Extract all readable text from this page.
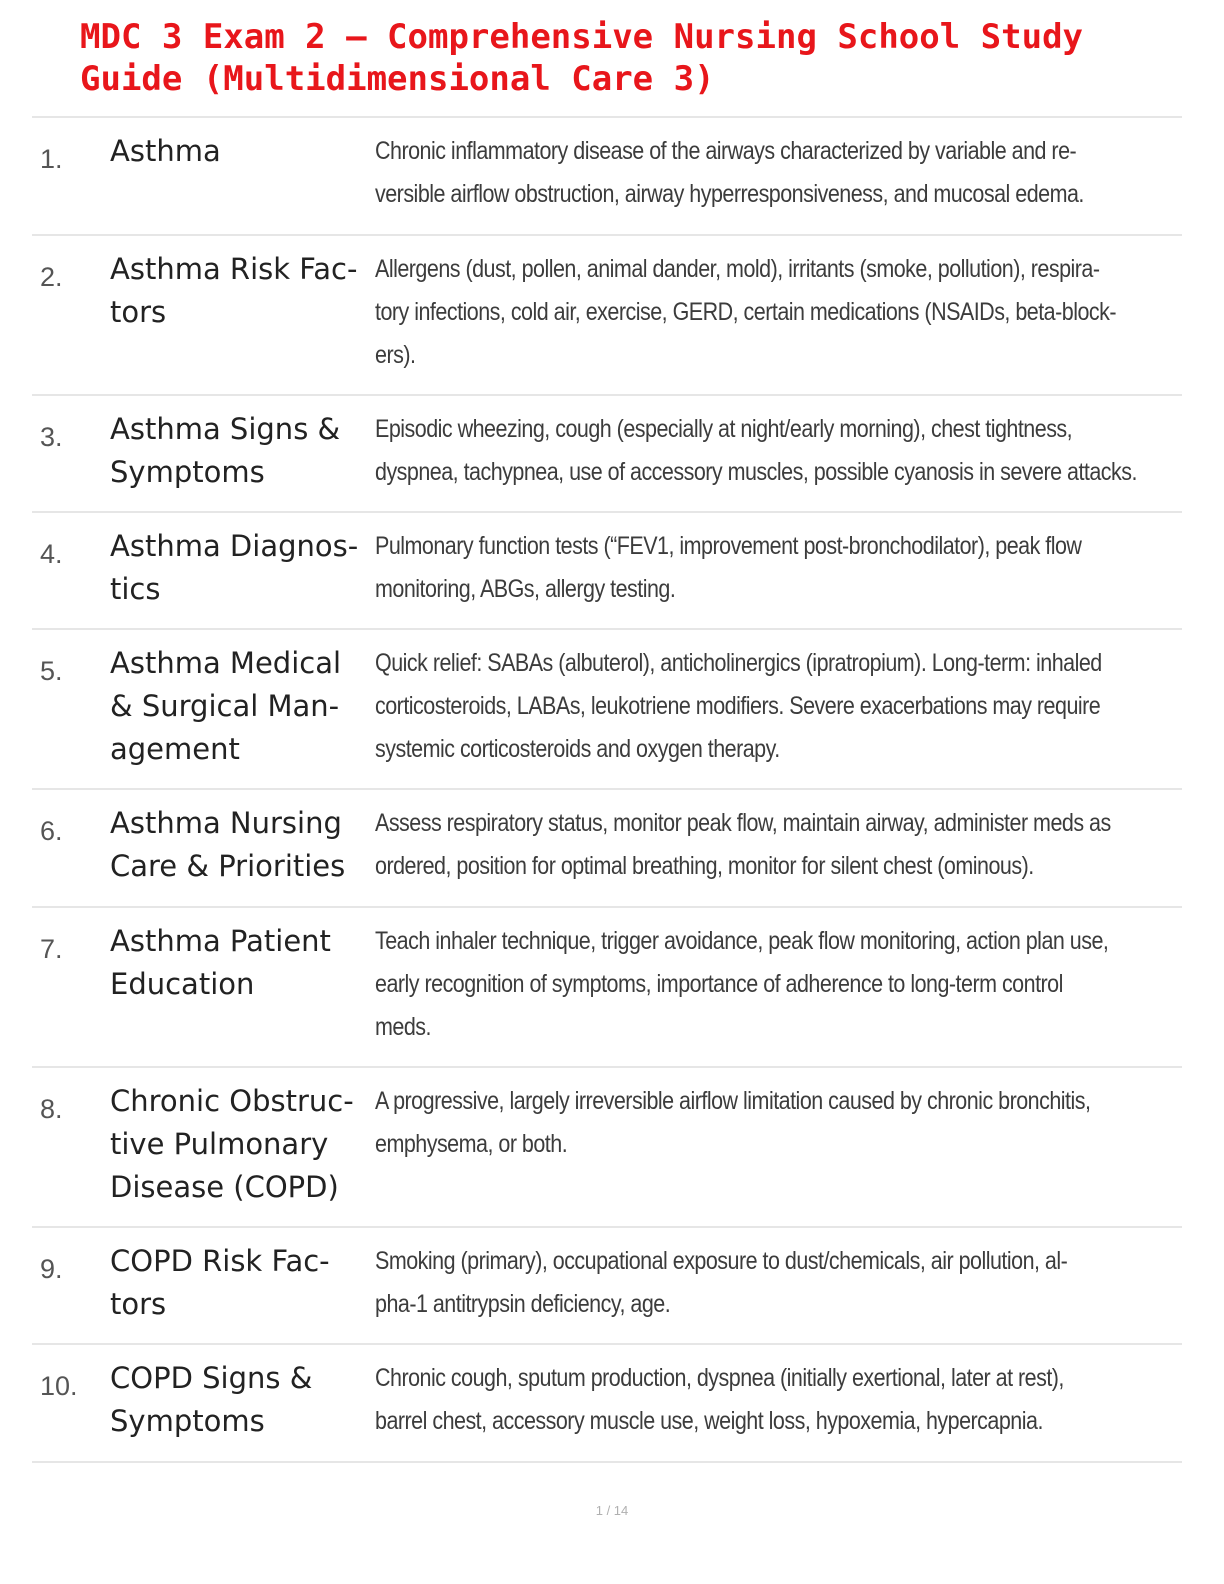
MDC 3 Exam 2 – Comprehensive Nursing School Study
Guide (Multidimensional Care 3)
1. Asthma	Chronic inflammatory disease of the airways characterized by variable and re-
versible airflow obstruction, airway hyperresponsiveness, and mucosal edema.
2. Asthma Risk Fac-
tors
Allergens (dust, pollen, animal dander, mold), irritants (smoke, pollution), respira-
tory infections, cold air, exercise, GERD, certain medications (NSAIDs, beta-block-
ers).
3. Asthma Signs &
Symptoms
Episodic wheezing, cough (especially at night/early morning), chest tightness,
dyspnea, tachypnea, use of accessory muscles, possible cyanosis in severe attacks.
4. Asthma Diagnos-
tics
Pulmonary function tests (“FEV1, improvement post-bronchodilator), peak flow
monitoring, ABGs, allergy testing.
5. Asthma Medical
& Surgical Man-
agement
Quick relief: SABAs (albuterol), anticholinergics (ipratropium). Long-term: inhaled
corticosteroids, LABAs, leukotriene modifiers. Severe exacerbations may require
systemic corticosteroids and oxygen therapy.
6. Asthma Nursing
Care & Priorities
Assess respiratory status, monitor peak flow, maintain airway, administer meds as
ordered, position for optimal breathing, monitor for silent chest (ominous).
7. Asthma Patient
Education
Teach inhaler technique, trigger avoidance, peak flow monitoring, action plan use,
early recognition of symptoms, importance of adherence to long-term control
meds.
8. Chronic Obstruc-
tive Pulmonary
Disease (COPD)
A progressive, largely irreversible airflow limitation caused by chronic bronchitis,
emphysema, or both.
9. COPD Risk Fac-
tors
Smoking (primary), occupational exposure to dust/chemicals, air pollution, al-
pha-1 antitrypsin deficiency, age.
10. COPD Signs &
Symptoms
Chronic cough, sputum production, dyspnea (initially exertional, later at rest),
barrel chest, accessory muscle use, weight loss, hypoxemia, hypercapnia.
1 / 14
